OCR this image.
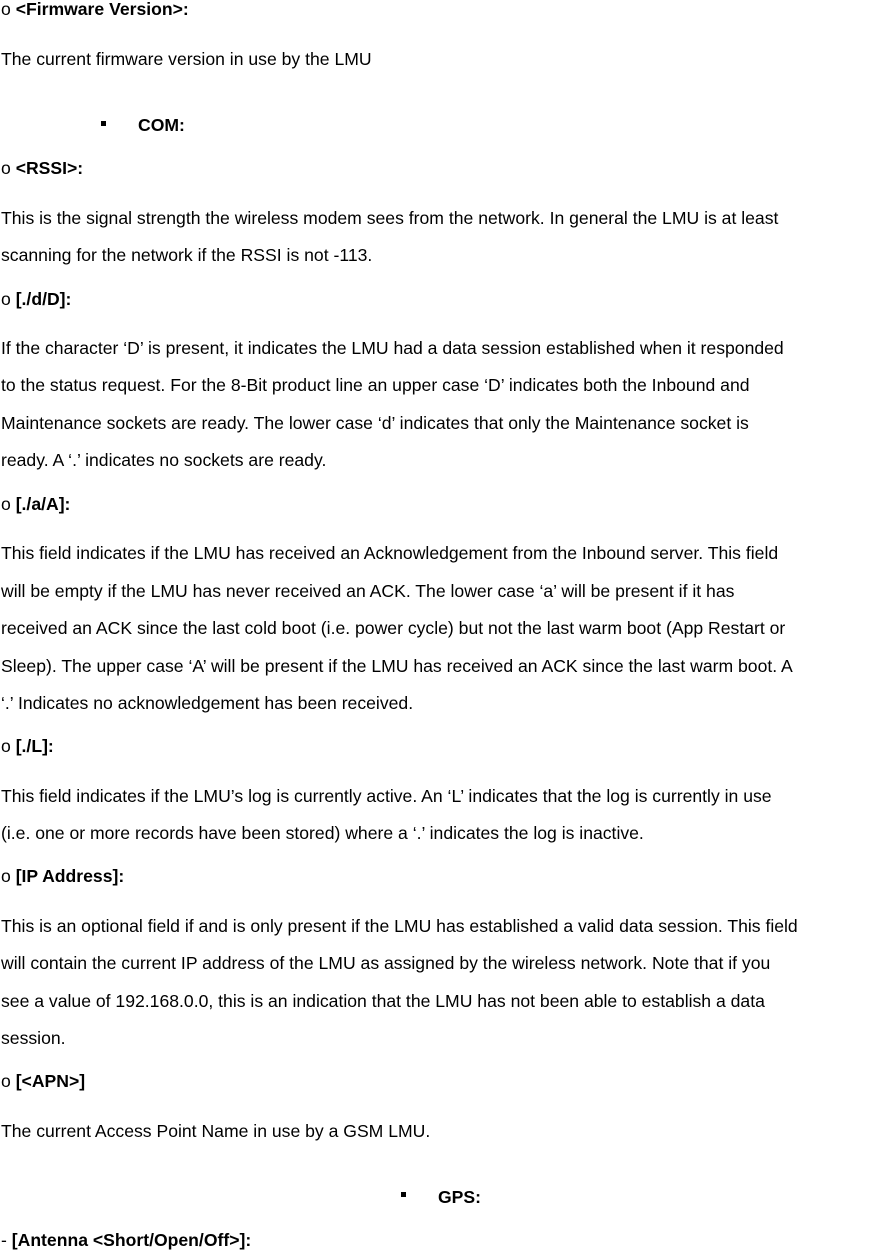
o <Firmware Version>:
The current firmware version in use by the LMU
COM:
o <RSSI>:
This is the signal strength the wireless modem sees from the network. In general the LMU is at least
scanning for the network if the RSSI is not -113.
o [./d/D]:
If the character ‘D’ is present, it indicates the LMU had a data session established when it responded
to the status request. For the 8-Bit product line an upper case ‘D’ indicates both the Inbound and
Maintenance sockets are ready. The lower case ‘d’ indicates that only the Maintenance socket is
ready. A ‘.’ indicates no sockets are ready.
o [./a/A]:
This field indicates if the LMU has received an Acknowledgement from the Inbound server. This field
will be empty if the LMU has never received an ACK. The lower case ‘a’ will be present if it has
received an ACK since the last cold boot (i.e. power cycle) but not the last warm boot (App Restart or
Sleep). The upper case ‘A’ will be present if the LMU has received an ACK since the last warm boot. A
‘.’ Indicates no acknowledgement has been received.
o [./L]:
This field indicates if the LMU’s log is currently active. An ‘L’ indicates that the log is currently in use
(i.e. one or more records have been stored) where a ‘.’ indicates the log is inactive.
o [IP Address]:
This is an optional field if and is only present if the LMU has established a valid data session. This field
will contain the current IP address of the LMU as assigned by the wireless network. Note that if you
see a value of 192.168.0.0, this is an indication that the LMU has not been able to establish a data
session.
o [<APN>]
The current Access Point Name in use by a GSM LMU.
GPS:
- [Antenna <Short/Open/Off>]:
